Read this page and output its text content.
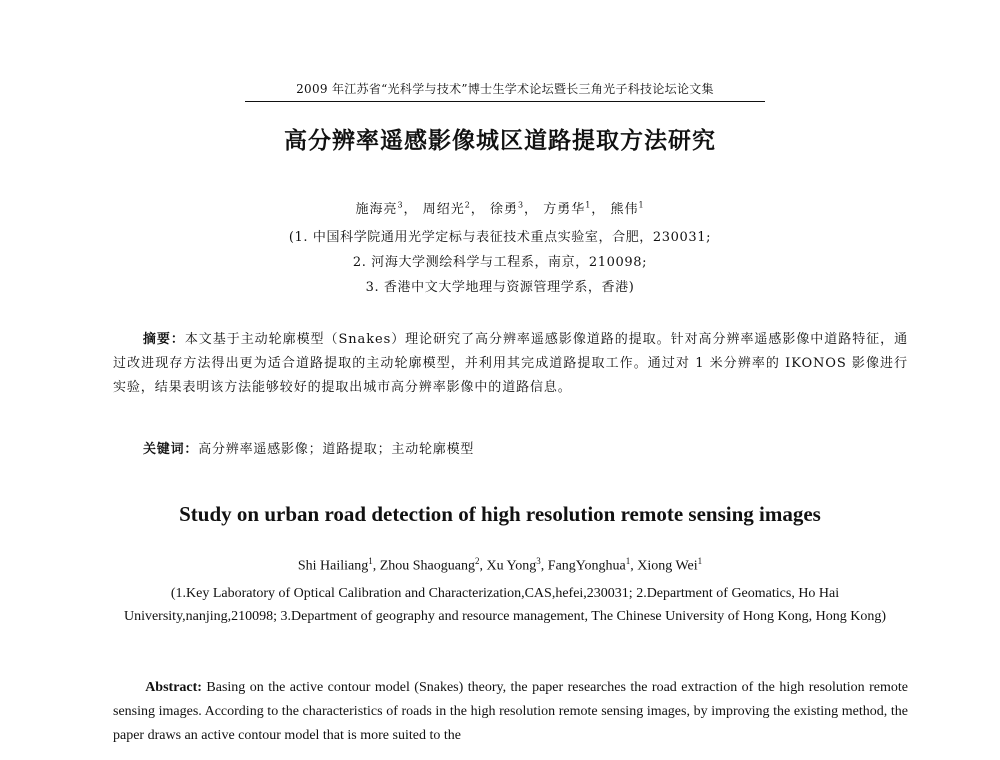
2009 年江苏省“光科学与技术”博士生学术论坛暨长三角光子科技论坛论文集
高分辨率遥感影像城区道路提取方法研究
施海亮$^3$， 周绍光$^2$， 徐勇$^3$， 方勇华$^1$， 熊伟$^1$
(1. 中国科学院通用光学定标与表征技术重点实验室，合肥，230031;
2. 河海大学测绘科学与工程系，南京，210098;
3. 香港中文大学地理与资源管理学系，香港)
摘要：本文基于主动轮廓模型（Snakes）理论研究了高分辨率遥感影像道路的提取。针对高分辨率遥感影像中道路特征，通过改进现存方法得出更为适合道路提取的主动轮廓模型，并利用其完成道路提取工作。通过对 1 米分辨率的 IKONOS 影像进行实验，结果表明该方法能够较好的提取出城市高分辨率影像中的道路信息。
关键词：高分辨率遥感影像；道路提取；主动轮廓模型
Study on urban road detection of high resolution remote sensing images
Shi Hailiang$^1$, Zhou Shaoguang$^2$, Xu Yong$^3$, FangYonghua$^1$, Xiong Wei$^1$
(1.Key Laboratory of Optical Calibration and Characterization,CAS,hefei,230031; 2.Department of Geomatics, Ho Hai University,nanjing,210098; 3.Department of geography and resource management, The Chinese University of Hong Kong, Hong Kong)
Abstract: Basing on the active contour model (Snakes) theory, the paper researches the road extraction of the high resolution remote sensing images. According to the characteristics of roads in the high resolution remote sensing images, by improving the existing method, the paper draws an active contour model that is more suited to the
